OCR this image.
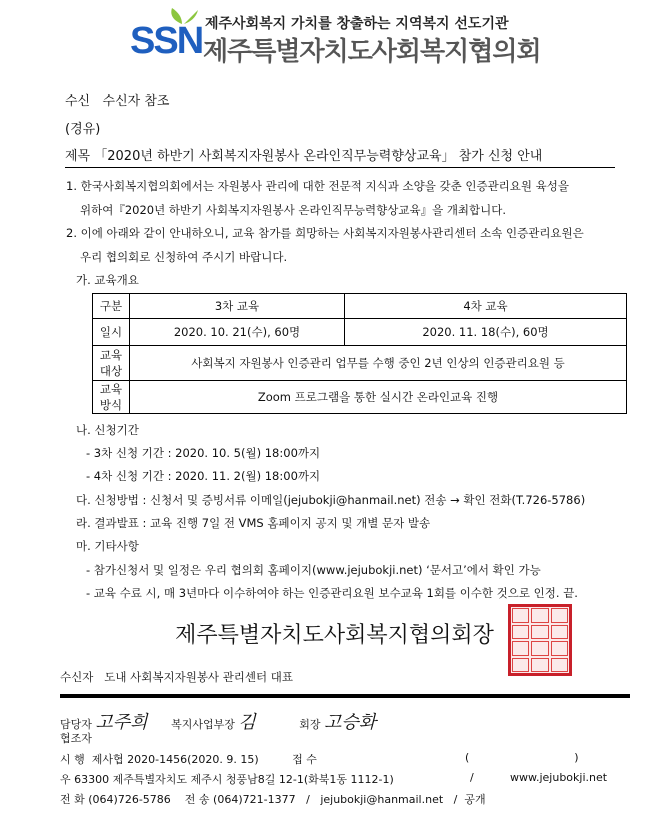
SSN 제주사회복지 가치를 창출하는 지역복지 선도기관
제주특별자치도사회복지협의회
수신 수신자 참조
(경유)
제목 「2020년 하반기 사회복지자원봉사 온라인직무능력향상교육」 참가 신청 안내
1. 한국사회복지협의회에서는 자원봉사 관리에 대한 전문적 지식과 소양을 갖춘 인증관리요원 육성을
위하여『2020년 하반기 사회복지자원봉사 온라인직무능력향상교육』을 개최합니다.
2. 이에 아래와 같이 안내하오니, 교육 참가를 희망하는 사회복지자원봉사관리센터 소속 인증관리요원은
우리 협의회로 신청하여 주시기 바랍니다.
가. 교육개요
구분	3차 교육	4차 교육
일시	2020. 10. 21(수), 60명	2020. 11. 18(수), 60명
교육
대상	사회복지 자원봉사 인증관리 업무를 수행 중인 2년 인상의 인증관리요원 등	
교육
방식	Zoom 프로그램을 통한 실시간 온라인교육 진행	
나. 신청기간
- 3차 신청 기간 : 2020. 10. 5(월) 18:00까지
- 4차 신청 기간 : 2020. 11. 2(월) 18:00까지
다. 신청방법 : 신청서 및 증빙서류 이메일(jejubokji@hanmail.net) 전송 → 확인 전화(T.726-5786)
라. 결과발표 : 교육 진행 7일 전 VMS 홈페이지 공지 및 개별 문자 발송
마. 기타사항
- 참가신청서 및 일정은 우리 협의회 홈페이지(www.jejubokji.net) ‘문서고’에서 확인 가능
- 교육 수료 시, 매 3년마다 이수하여야 하는 인증관리요원 보수교육 1회를 이수한 것으로 인정. 끝.
제주특별자치도사회복지협의회장
수신자 도내 사회복지자원봉사 관리센터 대표
담당자 고주희 복지사업부장 김	회장 고승화
협조자
시 행 제사협 2020-1456(2020. 9. 15)	접 수	(                              )
우 63300 제주특별자치도 제주시 청풍남8길 12-1(화북1동 1112-1)	/	www.jejubokji.net
전 화 (064)726-5786 전 송 (064)721-1377 / jejubokji@hanmail.net / 공개
